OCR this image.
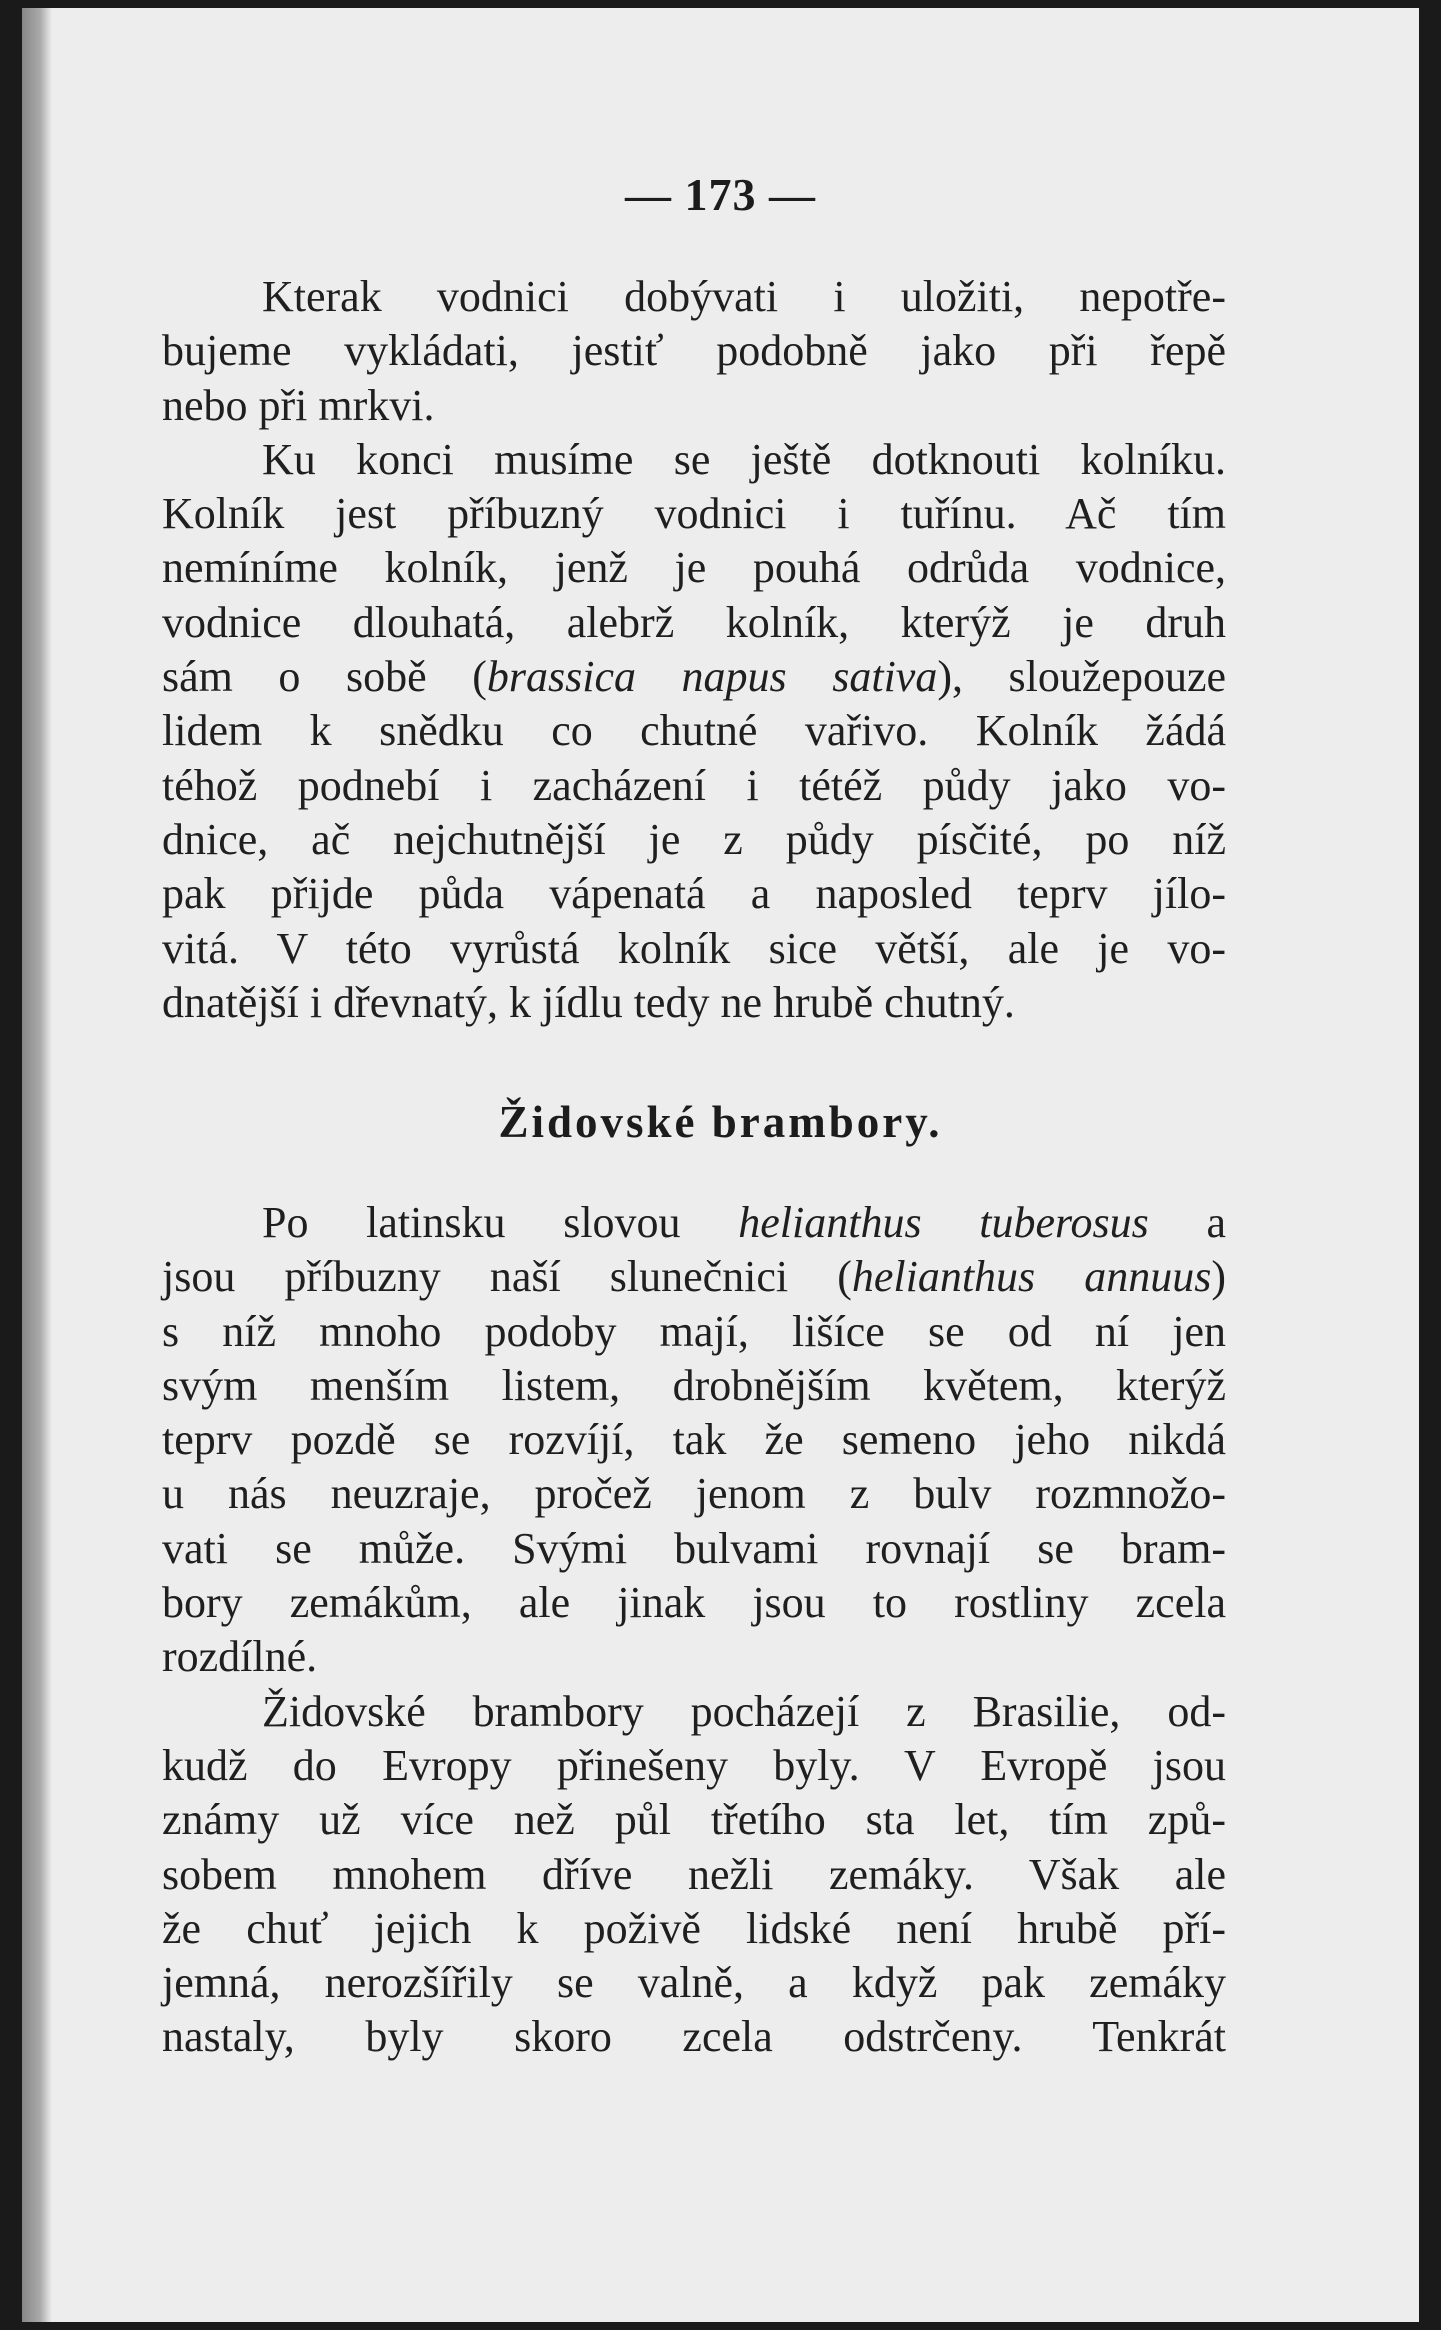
— 173 —
Kterak vodnici dobývati i uložiti, nepotře-
bujeme vykládati, jestiť podobně jako při řepě
nebo při mrkvi.
Ku konci musíme se ještě dotknouti kolníku.
Kolník jest příbuzný vodnici i tuřínu. Ač tím
nemíníme kolník, jenž je pouhá odrůda vodnice,
vodnice dlouhatá, alebrž kolník, kterýž je druh
sám o sobě (brassica napus sativa), sloužepouze
lidem k snědku co chutné vařivo. Kolník žádá
téhož podnebí i zacházení i tétéž půdy jako vo-
dnice, ač nejchutnější je z půdy písčité, po níž
pak přijde půda vápenatá a naposled teprv jílo-
vitá. V této vyrůstá kolník sice větší, ale je vo-
dnatější i dřevnatý, k jídlu tedy ne hrubě chutný.
Židovské brambory.
Po latinsku slovou helianthus tuberosus a
jsou příbuzny naší slunečnici (helianthus annuus)
s níž mnoho podoby mají, lišíce se od ní jen
svým menším listem, drobnějším květem, kterýž
teprv pozdě se rozvíjí, tak že semeno jeho nikdá
u nás neuzraje, pročež jenom z bulv rozmnožo-
vati se může. Svými bulvami rovnají se bram-
bory zemákům, ale jinak jsou to rostliny zcela
rozdílné.
Židovské brambory pocházejí z Brasilie, od-
kudž do Evropy přinešeny byly. V Evropě jsou
známy už více než půl třetího sta let, tím způ-
sobem mnohem dříve nežli zemáky. Však ale
že chuť jejich k poživě lidské není hrubě pří-
jemná, nerozšířily se valně, a když pak zemáky
nastaly, byly skoro zcela odstrčeny. Tenkrát
